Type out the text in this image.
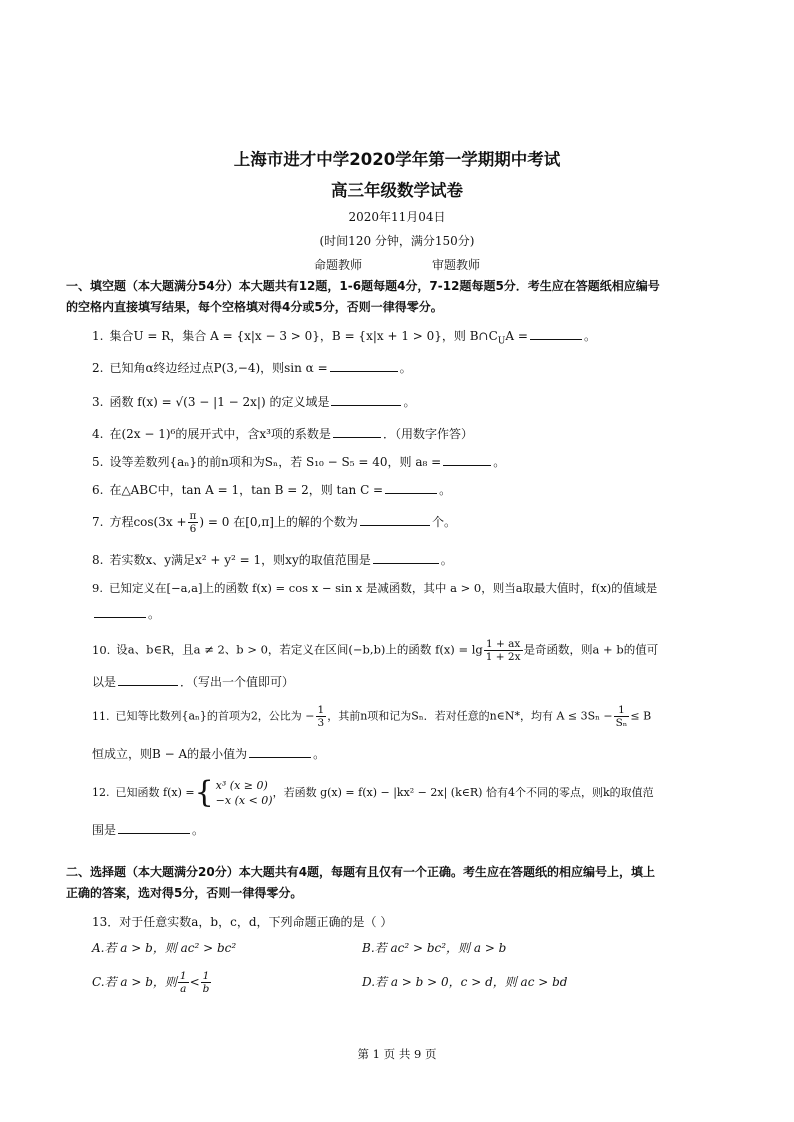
上海市进才中学2020学年第一学期期中考试
高三年级数学试卷
2020年11月04日
(时间120 分钟，满分150分)
命题教师	审题教师
一、填空题（本大题满分54分）本大题共有12题，1-6题每题4分，7-12题每题5分．考生应在答题纸相应编号
的空格内直接填写结果，每个空格填对得4分或5分，否则一律得零分。
1. 集合U = R，集合 A = {x|x − 3 > 0}，B = {x|x + 1 > 0}，则 $B\cap C_UA$ =	。
2. 已知角α终边经过点P(3,−4)，则sin α =	。
3. 函数 f(x) = √(3 − |1 − 2x|) 的定义域是	。
4. 在(2x − 1)⁶的展开式中，含x³项的系数是	．（用数字作答）
5. 设等差数列{aₙ}的前n项和为Sₙ，若 S₁₀ − S₅ = 40，则 a₈ =	。
6. 在△ABC中，tan A = 1，tan B = 2，则 tan C =	。
7. 方程$\cos(3x + \frac{\pi}{6}$ ) = 0 在[0,π]上的解的个数为	个。
8. 若实数x、y满足x² + y² = 1，则xy的取值范围是	。
9. 已知定义在[−a,a]上的函数 f(x) = cos x − sin x 是减函数，其中 a > 0，则当a取最大值时，f(x)的值域是
。
10. 设a、b∈R，且a ≠ 2、b > 0，若定义在区间(−b,b)上的函数 $f(x) = \lg \frac{1 + ax}{1 + 2x}$ 是奇函数，则a + b的值可
以是	．（写出一个值即可）
11. 已知等比数列{aₙ}的首项为2，公比为 − $\frac{1}{3}$ ，其前n项和记为Sₙ．若对任意的n∈N*，均有 $A \le 3S_n - \frac{1}{\text{Sₙ}} \le B$
恒成立，则B − A的最小值为	。
12. 已知函数 f(x) ={ x³ (x ≥ 0)
−x (x < 0)
，若函数 g(x) = f(x) − |kx² − 2x| (k∈R) 恰有4个不同的零点，则k的取值范
围是	。
二、选择题（本大题满分20分）本大题共有4题，每题有且仅有一个正确。考生应在答题纸的相应编号上，填上
正确的答案，选对得5分，否则一律得零分。
13．对于任意实数a，b，c，d，下列命题正确的是（ ）
A.若 a > b，则 ac² > bc²	B.若 ac² > bc²，则 a > b
C.若 a > b，则 $\frac{1}{a} < \frac{1}{b}$	D.若 a > b > 0，c > d，则 ac > bd
第 1 页 共 9 页
